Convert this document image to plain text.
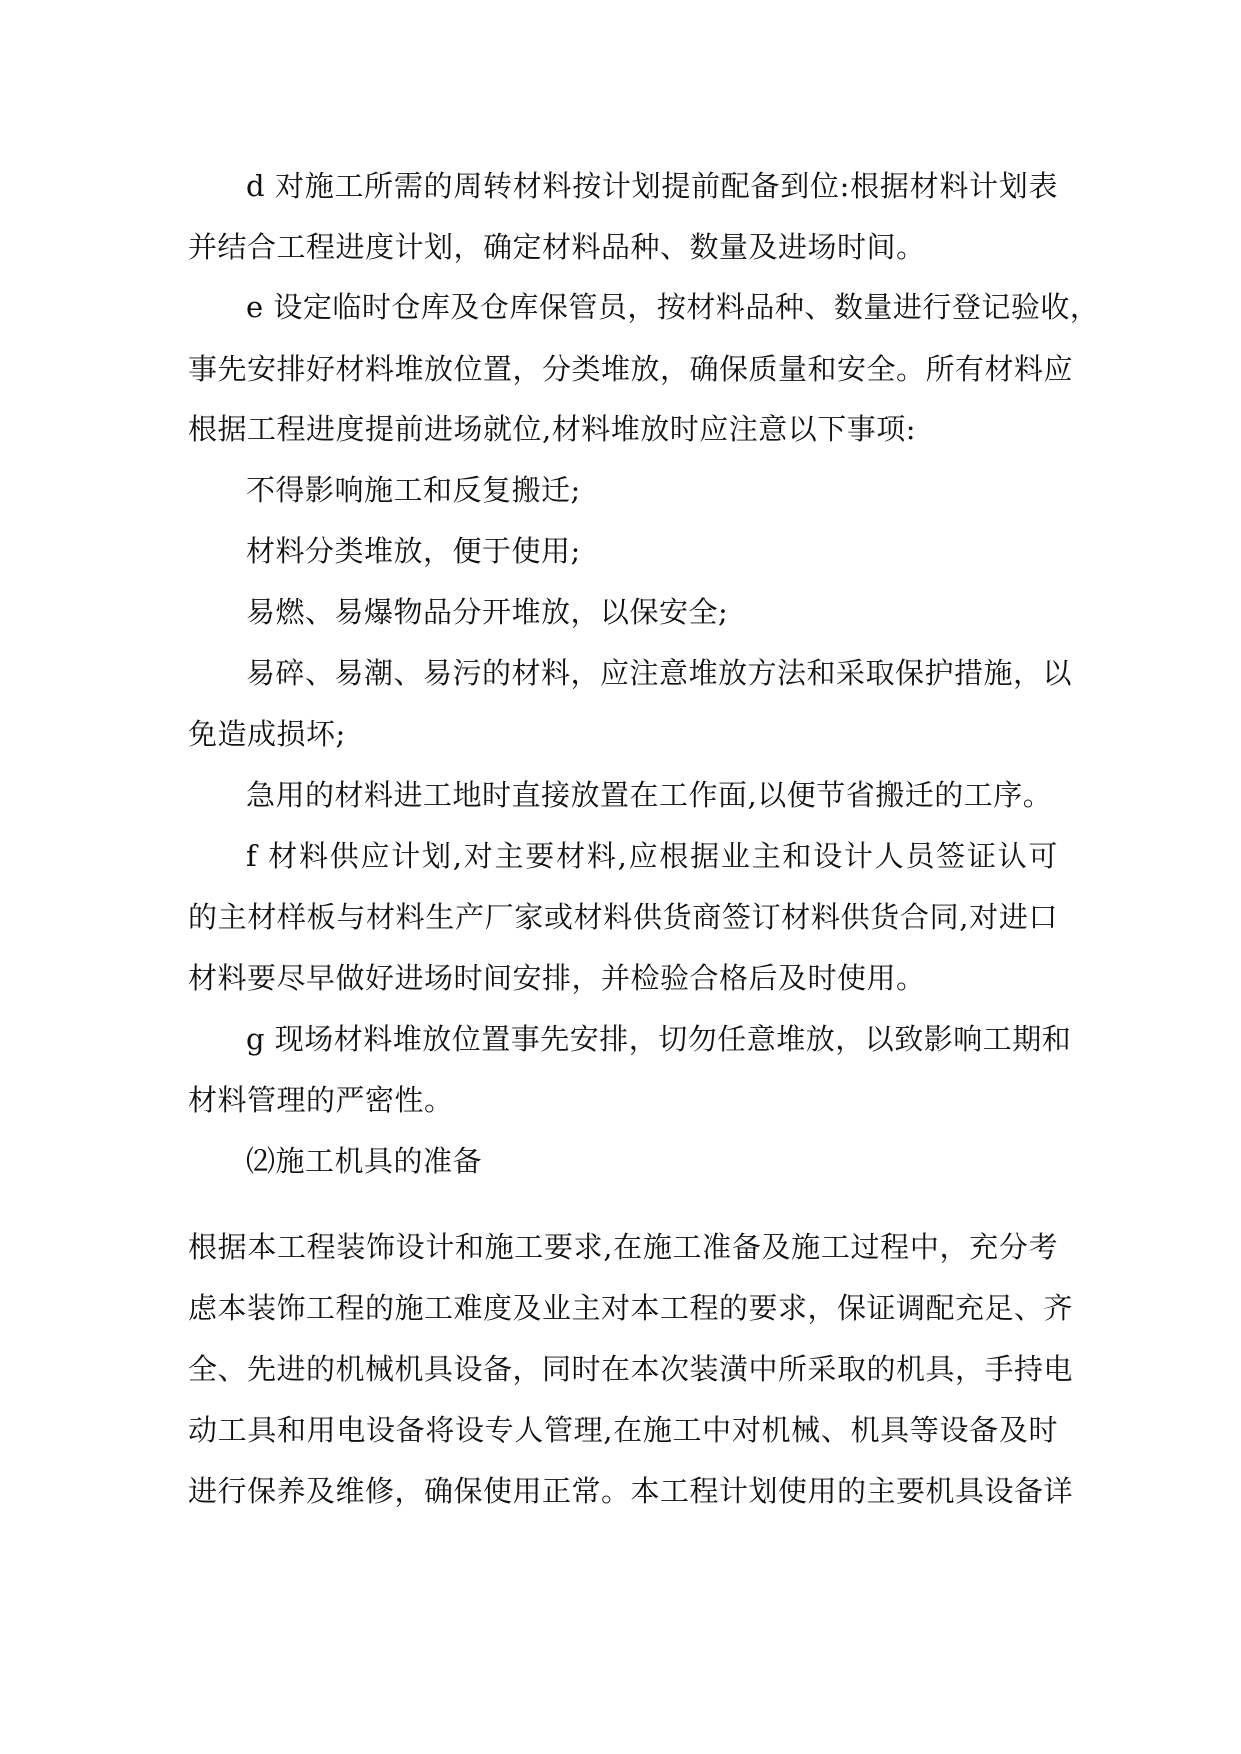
d 对施工所需的周转材料按计划提前配备到位:根据材料计划表
并结合工程进度计划，确定材料品种、数量及进场时间。
e 设定临时仓库及仓库保管员，按材料品种、数量进行登记验收，
事先安排好材料堆放位置，分类堆放，确保质量和安全。所有材料应
根据工程进度提前进场就位,材料堆放时应注意以下事项:
不得影响施工和反复搬迁;
材料分类堆放，便于使用;
易燃、易爆物品分开堆放，以保安全;
易碎、易潮、易污的材料，应注意堆放方法和采取保护措施，以
免造成损坏;
急用的材料进工地时直接放置在工作面,以便节省搬迁的工序。
f 材料供应计划,对主要材料,应根据业主和设计人员签证认可
的主材样板与材料生产厂家或材料供货商签订材料供货合同,对进口
材料要尽早做好进场时间安排，并检验合格后及时使用。
g 现场材料堆放位置事先安排，切勿任意堆放，以致影响工期和
材料管理的严密性。
⑵施工机具的准备
根据本工程装饰设计和施工要求,在施工准备及施工过程中，充分考
虑本装饰工程的施工难度及业主对本工程的要求，保证调配充足、齐
全、先进的机械机具设备，同时在本次装潢中所采取的机具，手持电
动工具和用电设备将设专人管理,在施工中对机械、机具等设备及时
进行保养及维修，确保使用正常。本工程计划使用的主要机具设备详
